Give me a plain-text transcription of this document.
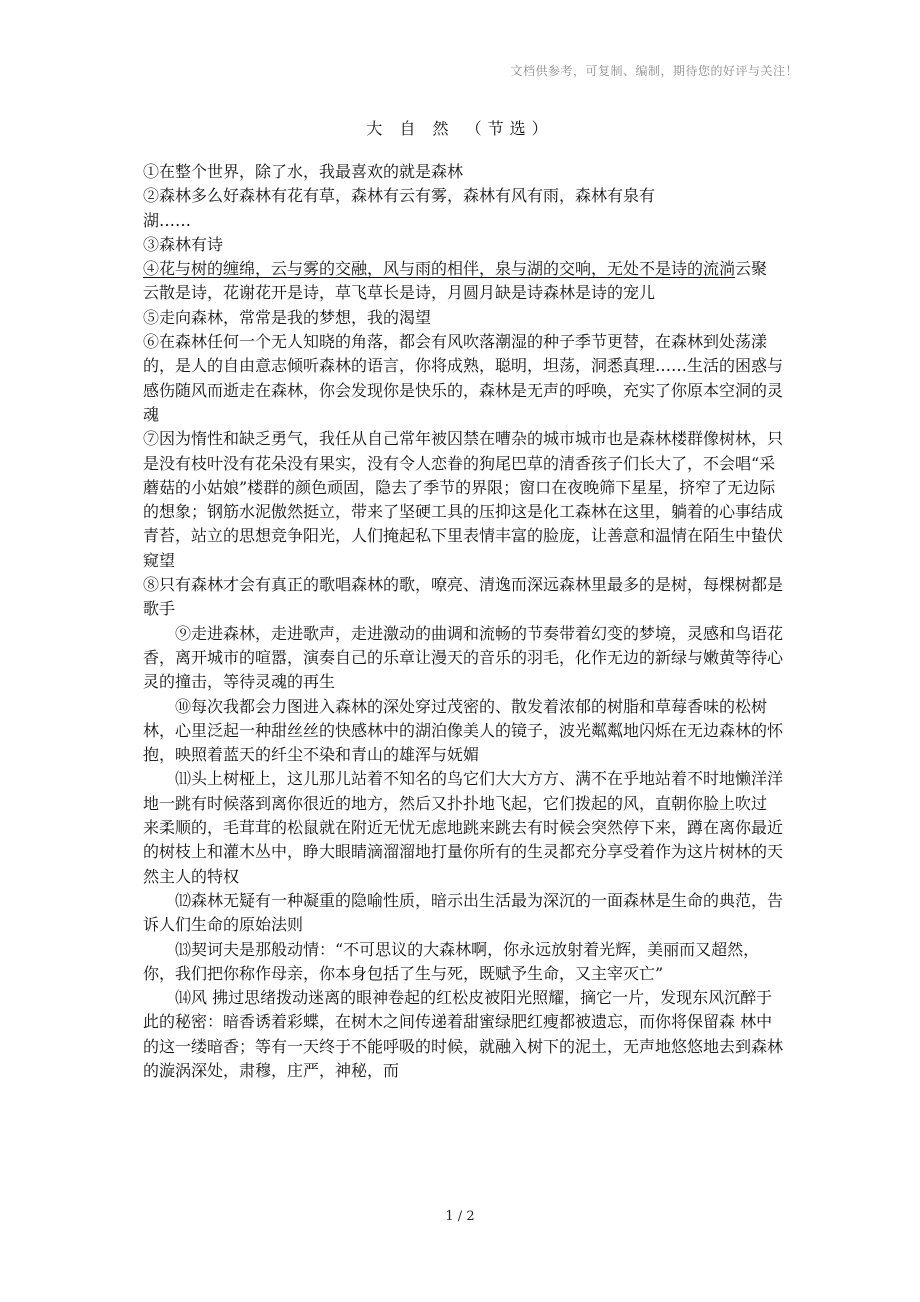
文档供参考，可复制、编制，期待您的好评与关注！
大 自 然 （节选）

①在整个世界，除了水，我最喜欢的就是森林

②森林多么好森林有花有草，森林有云有雾，森林有风有雨，森林有泉有

湖……

③森林有诗

④花与树的缠绵，云与雾的交融，风与雨的相伴，泉与湖的交响，无处不是诗的流淌云聚云散是诗，花谢花开是诗，草飞草长是诗，月圆月缺是诗森林是诗的宠儿

⑤走向森林，常常是我的梦想，我的渴望

⑥在森林任何一个无人知晓的角落，都会有风吹落潮湿的种子季节更替，在森林到处荡漾的，是人的自由意志倾听森林的语言，你将成熟，聪明，坦荡，洞悉真理……生活的困惑与感伤随风而逝走在森林，你会发现你是快乐的，森林是无声的呼唤，充实了你原本空洞的灵魂

⑦因为惰性和缺乏勇气，我任从自己常年被囚禁在嘈杂的城市城市也是森林楼群像树林，只是没有枝叶没有花朵没有果实，没有令人恋眷的狗尾巴草的清香孩子们长大了，不会唱“采蘑菇的小姑娘”楼群的颜色顽固，隐去了季节的界限；窗口在夜晚筛下星星，挤窄了无边际的想象；钢筋水泥傲然挺立，带来了坚硬工具的压抑这是化工森林在这里，躺着的心事结成青苔，站立的思想竞争阳光，人们掩起私下里表情丰富的脸庞，让善意和温情在陌生中蛰伏窥望

⑧只有森林才会有真正的歌唱森林的歌，嘹亮、清逸而深远森林里最多的是树，每棵树都是歌手

⑨走进森林，走进歌声，走进激动的曲调和流畅的节奏带着幻变的梦境，灵感和鸟语花香，离开城市的喧嚣，演奏自己的乐章让漫天的音乐的羽毛，化作无边的新绿与嫩黄等待心灵的撞击，等待灵魂的再生

⑩每次我都会力图进入森林的深处穿过茂密的、散发着浓郁的树脂和草莓香味的松树林，心里泛起一种甜丝丝的快感林中的湖泊像美人的镜子，波光粼粼地闪烁在无边森林的怀抱，映照着蓝天的纤尘不染和青山的雄浑与妩媚

⑾头上树桠上，这儿那儿站着不知名的鸟它们大大方方、满不在乎地站着不时地懒洋洋地一跳有时候落到离你很近的地方，然后又扑扑地飞起，它们拨起的风，直朝你脸上吹过

来柔顺的，毛茸茸的松鼠就在附近无忧无虑地跳来跳去有时候会突然停下来，蹲在离你最近的树枝上和灌木丛中，睁大眼睛滴溜溜地打量你所有的生灵都充分享受着作为这片树林的天然主人的特权

⑿森林无疑有一种凝重的隐喻性质，暗示出生活最为深沉的一面森林是生命的典范，告诉人们生命的原始法则

⒀契诃夫是那般动情：“不可思议的大森林啊，你永远放射着光辉，美丽而又超然，你，我们把你称作母亲，你本身包括了生与死，既赋予生命，又主宰灭亡”

⒁风 拂过思绪拨动迷离的眼神卷起的红松皮被阳光照耀，摘它一片，发现东风沉醉于此的秘密：暗香诱着彩蝶，在树木之间传递着甜蜜绿肥红瘦都被遗忘，而你将保留森 林中的这一缕暗香；等有一天终于不能呼吸的时候，就融入树下的泥土，无声地悠悠地去到森林的漩涡深处，肃穆，庄严，神秘，而

1 / 2
